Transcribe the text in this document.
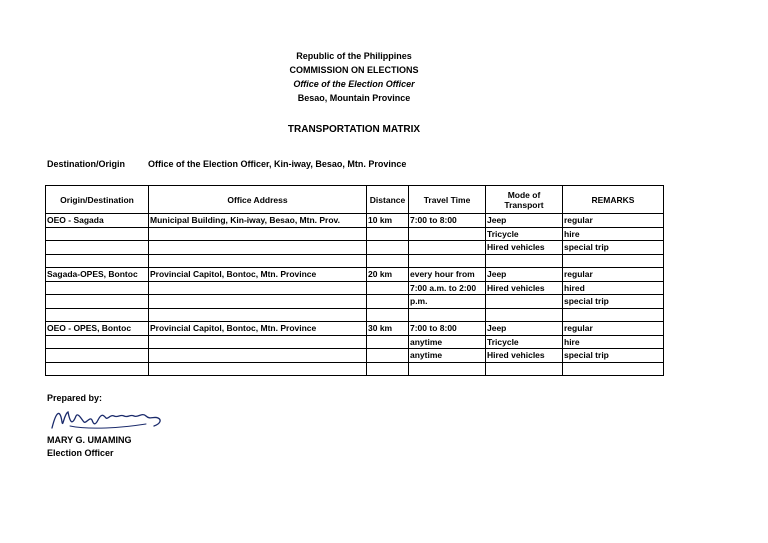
Republic of the Philippines
COMMISSION ON ELECTIONS
Office of the Election Officer
Besao, Mountain Province
TRANSPORTATION MATRIX
Destination/Origin	Office of the Election Officer, Kin-iway, Besao, Mtn. Province
Origin/Destination	Office Address	Distance	Travel Time	Mode of Transport	REMARKS
OEO - Sagada	Municipal Building, Kin-iway, Besao, Mtn. Prov.	10 km	7:00 to 8:00	Jeep	regular
				Tricycle	hire
				Hired vehicles	special trip

Sagada-OPES, Bontoc	Provincial Capitol, Bontoc, Mtn. Province	20 km	every hour from	Jeep	regular
			7:00 a.m. to 2:00	Hired vehicles	hired
			p.m.		special trip

OEO - OPES, Bontoc	Provincial Capitol, Bontoc, Mtn. Province	30 km	7:00 to 8:00	Jeep	regular
			anytime	Tricycle	hire
			anytime	Hired vehicles	special trip

Prepared by:
MARY G. UMAMING
Election Officer
